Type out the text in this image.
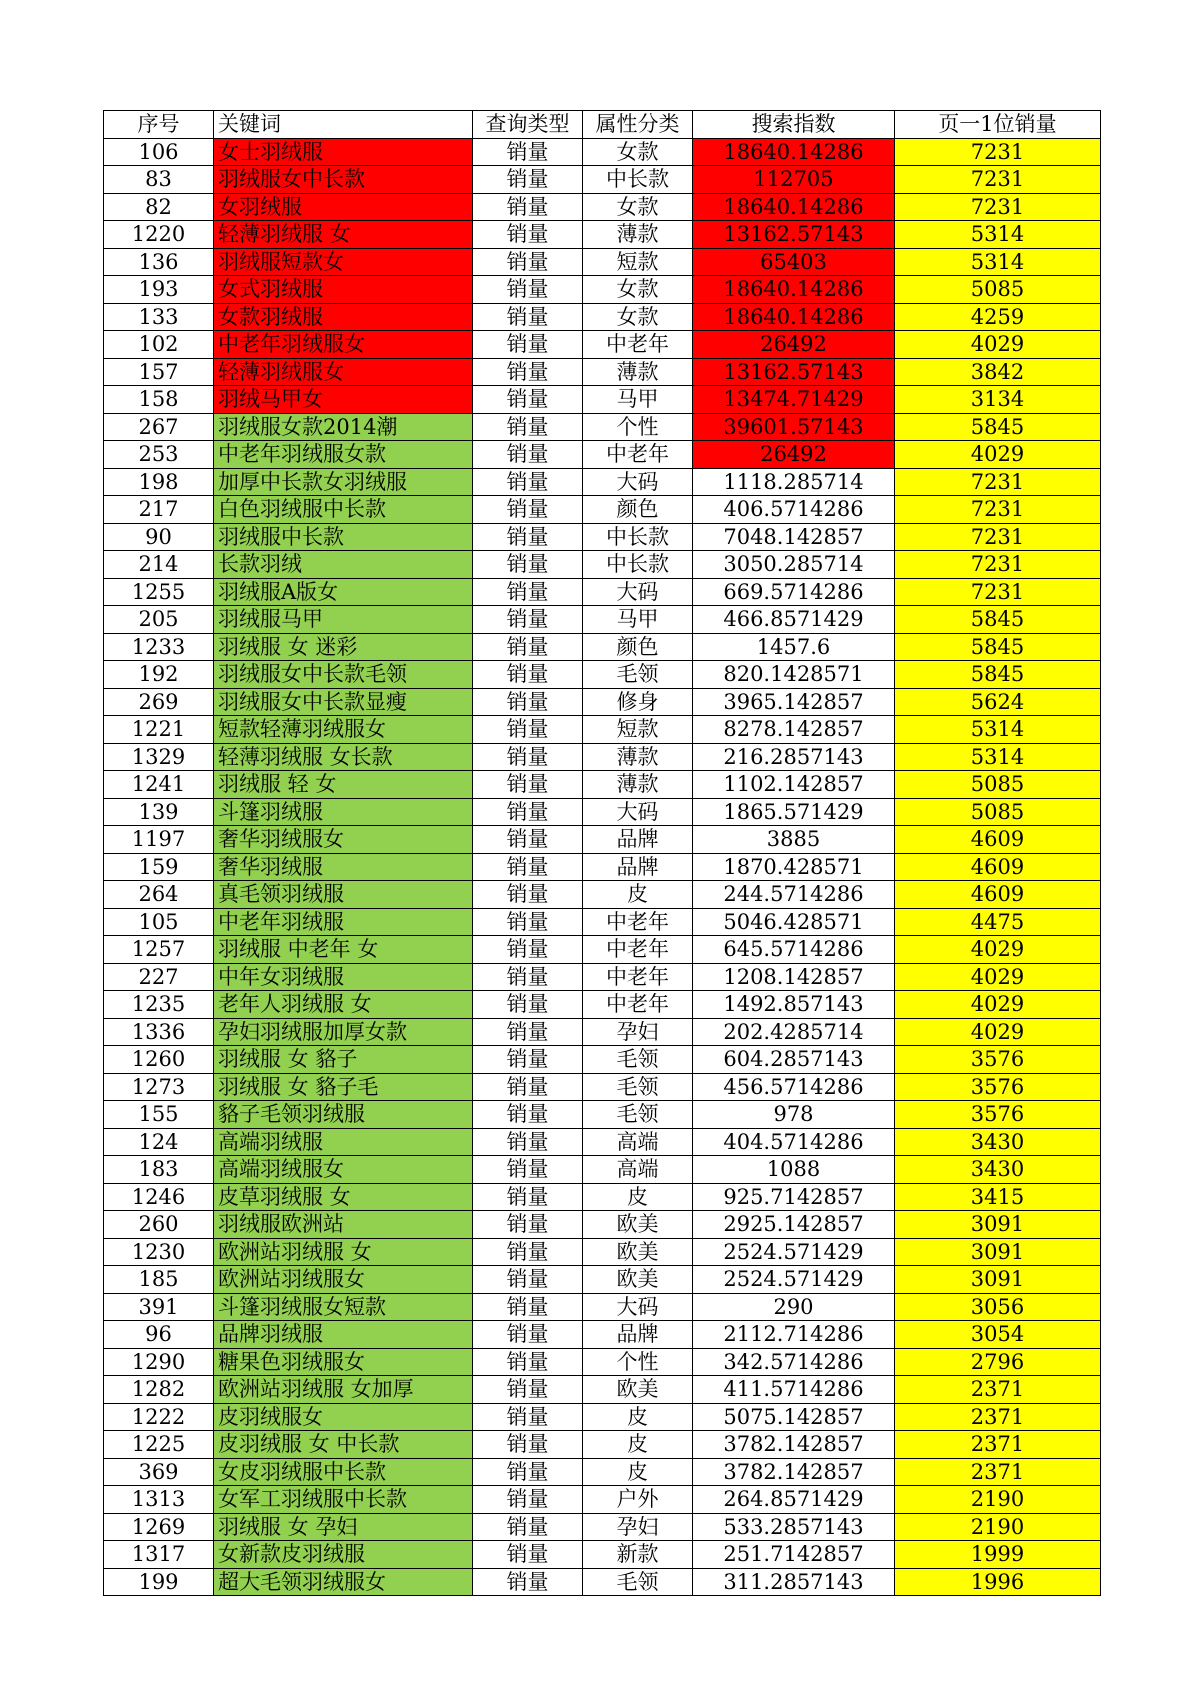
序号	关键词	查询类型	属性分类	搜索指数	页一1位销量
106	女士羽绒服	销量	女款	18640.14286	7231
83	羽绒服女中长款	销量	中长款	112705	7231
82	女羽绒服	销量	女款	18640.14286	7231
1220	轻薄羽绒服 女	销量	薄款	13162.57143	5314
136	羽绒服短款女	销量	短款	65403	5314
193	女式羽绒服	销量	女款	18640.14286	5085
133	女款羽绒服	销量	女款	18640.14286	4259
102	中老年羽绒服女	销量	中老年	26492	4029
157	轻薄羽绒服女	销量	薄款	13162.57143	3842
158	羽绒马甲女	销量	马甲	13474.71429	3134
267	羽绒服女款2014潮	销量	个性	39601.57143	5845
253	中老年羽绒服女款	销量	中老年	26492	4029
198	加厚中长款女羽绒服	销量	大码	1118.285714	7231
217	白色羽绒服中长款	销量	颜色	406.5714286	7231
90	羽绒服中长款	销量	中长款	7048.142857	7231
214	长款羽绒	销量	中长款	3050.285714	7231
1255	羽绒服A版女	销量	大码	669.5714286	7231
205	羽绒服马甲	销量	马甲	466.8571429	5845
1233	羽绒服 女 迷彩	销量	颜色	1457.6	5845
192	羽绒服女中长款毛领	销量	毛领	820.1428571	5845
269	羽绒服女中长款显瘦	销量	修身	3965.142857	5624
1221	短款轻薄羽绒服女	销量	短款	8278.142857	5314
1329	轻薄羽绒服 女长款	销量	薄款	216.2857143	5314
1241	羽绒服 轻 女	销量	薄款	1102.142857	5085
139	斗篷羽绒服	销量	大码	1865.571429	5085
1197	奢华羽绒服女	销量	品牌	3885	4609
159	奢华羽绒服	销量	品牌	1870.428571	4609
264	真毛领羽绒服	销量	皮	244.5714286	4609
105	中老年羽绒服	销量	中老年	5046.428571	4475
1257	羽绒服 中老年 女	销量	中老年	645.5714286	4029
227	中年女羽绒服	销量	中老年	1208.142857	4029
1235	老年人羽绒服 女	销量	中老年	1492.857143	4029
1336	孕妇羽绒服加厚女款	销量	孕妇	202.4285714	4029
1260	羽绒服 女 貉子	销量	毛领	604.2857143	3576
1273	羽绒服 女 貉子毛	销量	毛领	456.5714286	3576
155	貉子毛领羽绒服	销量	毛领	978	3576
124	高端羽绒服	销量	高端	404.5714286	3430
183	高端羽绒服女	销量	高端	1088	3430
1246	皮草羽绒服 女	销量	皮	925.7142857	3415
260	羽绒服欧洲站	销量	欧美	2925.142857	3091
1230	欧洲站羽绒服 女	销量	欧美	2524.571429	3091
185	欧洲站羽绒服女	销量	欧美	2524.571429	3091
391	斗篷羽绒服女短款	销量	大码	290	3056
96	品牌羽绒服	销量	品牌	2112.714286	3054
1290	糖果色羽绒服女	销量	个性	342.5714286	2796
1282	欧洲站羽绒服 女加厚	销量	欧美	411.5714286	2371
1222	皮羽绒服女	销量	皮	5075.142857	2371
1225	皮羽绒服 女 中长款	销量	皮	3782.142857	2371
369	女皮羽绒服中长款	销量	皮	3782.142857	2371
1313	女军工羽绒服中长款	销量	户外	264.8571429	2190
1269	羽绒服 女 孕妇	销量	孕妇	533.2857143	2190
1317	女新款皮羽绒服	销量	新款	251.7142857	1999
199	超大毛领羽绒服女	销量	毛领	311.2857143	1996
